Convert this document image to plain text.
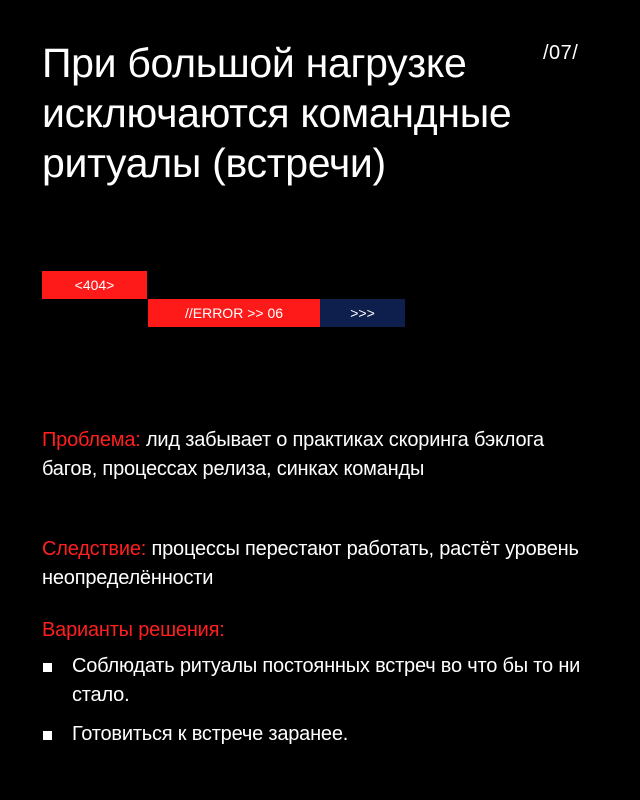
При большой нагрузке исключаются командные ритуалы (встречи)
/07/
<404>
//ERROR >> 06	>>>
Проблема: лид забывает о практиках скоринга бэклога багов, процессах релиза, синках команды
Следствие: процессы перестают работать, растёт уровень неопределённости
Варианты решения:
Соблюдать ритуалы постоянных встреч во что бы то ни стало.
Готовиться к встрече заранее.
